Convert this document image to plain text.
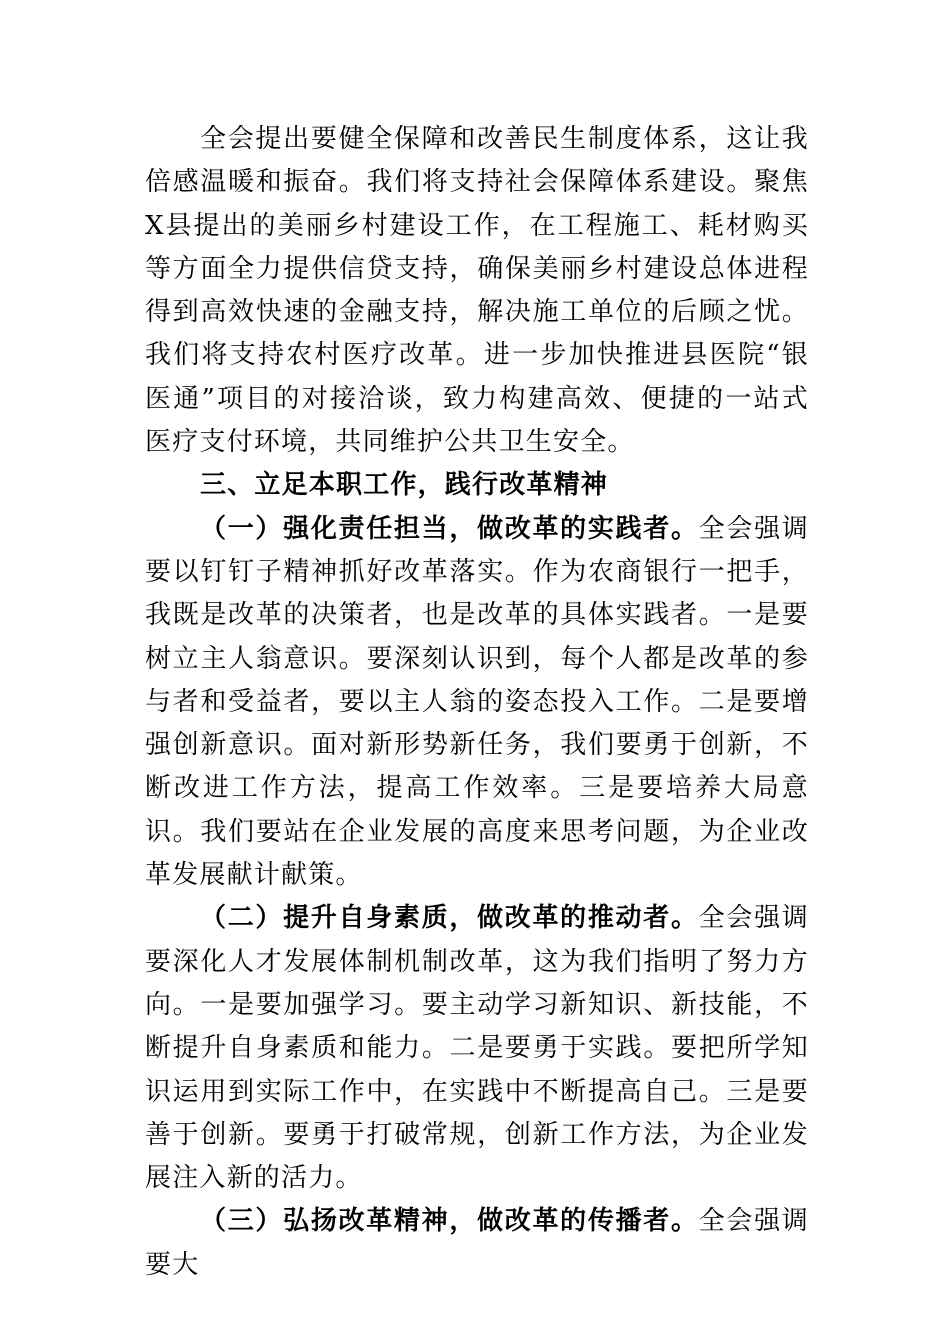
全会提出要健全保障和改善民生制度体系，这让我倍感温暖和振奋。我们将支持社会保障体系建设。聚焦X县提出的美丽乡村建设工作，在工程施工、耗材购买等方面全力提供信贷支持，确保美丽乡村建设总体进程得到高效快速的金融支持，解决施工单位的后顾之忧。我们将支持农村医疗改革。进一步加快推进县医院“银医通”项目的对接洽谈，致力构建高效、便捷的一站式医疗支付环境，共同维护公共卫生安全。

三、立足本职工作，践行改革精神

（一）强化责任担当，做改革的实践者。全会强调要以钉钉子精神抓好改革落实。作为农商银行一把手，我既是改革的决策者，也是改革的具体实践者。一是要树立主人翁意识。要深刻认识到，每个人都是改革的参与者和受益者，要以主人翁的姿态投入工作。二是要增强创新意识。面对新形势新任务，我们要勇于创新，不断改进工作方法，提高工作效率。三是要培养大局意识。我们要站在企业发展的高度来思考问题，为企业改革发展献计献策。

（二）提升自身素质，做改革的推动者。全会强调要深化人才发展体制机制改革，这为我们指明了努力方向。一是要加强学习。要主动学习新知识、新技能，不断提升自身素质和能力。二是要勇于实践。要把所学知识运用到实际工作中，在实践中不断提高自己。三是要善于创新。要勇于打破常规，创新工作方法，为企业发展注入新的活力。

（三）弘扬改革精神，做改革的传播者。全会强调要大
